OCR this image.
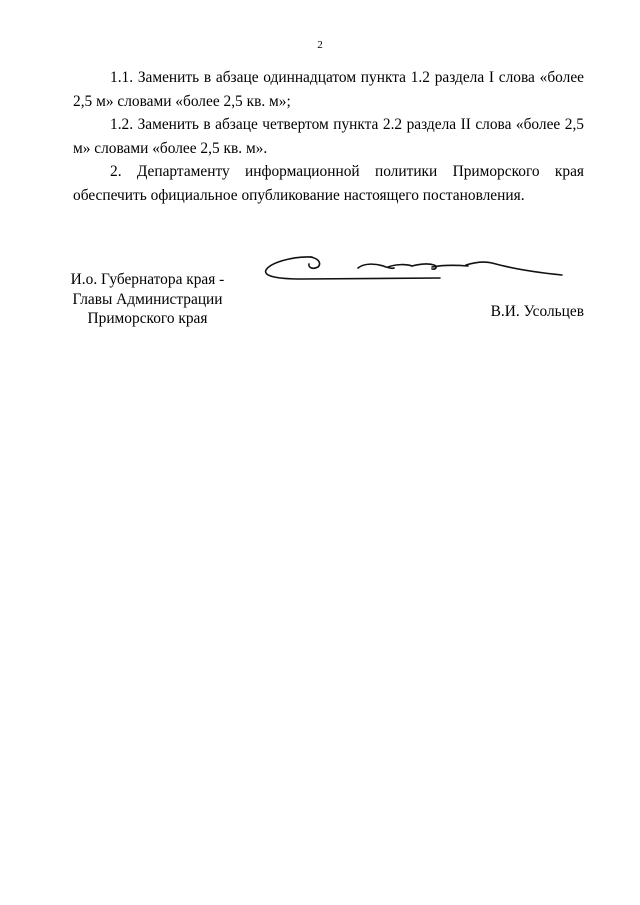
2

1.1. Заменить в абзаце одиннадцатом пункта 1.2 раздела I слова «более 2,5 м» словами «более 2,5 кв. м»;

1.2. Заменить в абзаце четвертом пункта 2.2 раздела II слова «более 2,5 м» словами «более 2,5 кв. м».

2. Департаменту информационной политики Приморского края обеспечить официальное опубликование настоящего постановления.

И.о. Губернатора края -
Главы Администрации
Приморского края	В.И. Усольцев
